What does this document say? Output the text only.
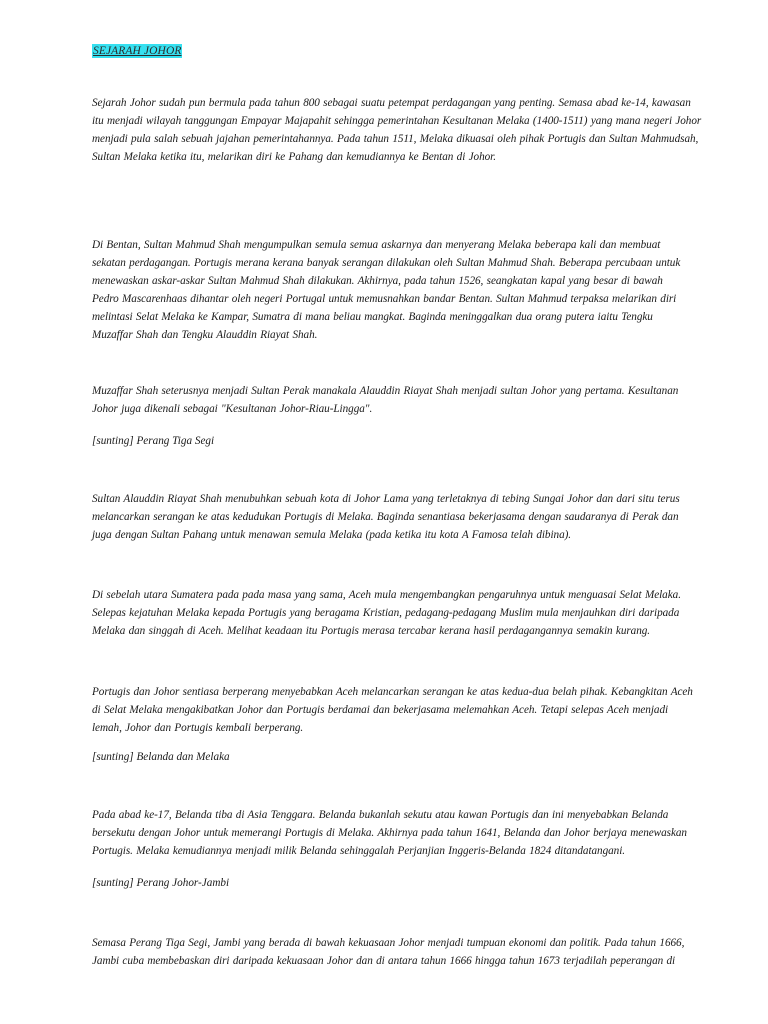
SEJARAH JOHOR

Sejarah Johor sudah pun bermula pada tahun 800 sebagai suatu petempat perdagangan yang penting. Semasa abad ke-14, kawasan
itu menjadi wilayah tanggungan Empayar Majapahit sehingga pemerintahan Kesultanan Melaka (1400-1511) yang mana negeri Johor
menjadi pula salah sebuah jajahan pemerintahannya. Pada tahun 1511, Melaka dikuasai oleh pihak Portugis dan Sultan Mahmudsah,
Sultan Melaka ketika itu, melarikan diri ke Pahang dan kemudiannya ke Bentan di Johor.

Di Bentan, Sultan Mahmud Shah mengumpulkan semula semua askarnya dan menyerang Melaka beberapa kali dan membuat
sekatan perdagangan. Portugis merana kerana banyak serangan dilakukan oleh Sultan Mahmud Shah. Beberapa percubaan untuk
menewaskan askar-askar Sultan Mahmud Shah dilakukan. Akhirnya, pada tahun 1526, seangkatan kapal yang besar di bawah
Pedro Mascarenhaas dihantar oleh negeri Portugal untuk memusnahkan bandar Bentan. Sultan Mahmud terpaksa melarikan diri
melintasi Selat Melaka ke Kampar, Sumatra di mana beliau mangkat. Baginda meninggalkan dua orang putera iaitu Tengku
Muzaffar Shah dan Tengku Alauddin Riayat Shah.

Muzaffar Shah seterusnya menjadi Sultan Perak manakala Alauddin Riayat Shah menjadi sultan Johor yang pertama. Kesultanan
Johor juga dikenali sebagai "Kesultanan Johor-Riau-Lingga".

[sunting] Perang Tiga Segi

Sultan Alauddin Riayat Shah menubuhkan sebuah kota di Johor Lama yang terletaknya di tebing Sungai Johor dan dari situ terus
melancarkan serangan ke atas kedudukan Portugis di Melaka. Baginda senantiasa bekerjasama dengan saudaranya di Perak dan
juga dengan Sultan Pahang untuk menawan semula Melaka (pada ketika itu kota A Famosa telah dibina).

Di sebelah utara Sumatera pada pada masa yang sama, Aceh mula mengembangkan pengaruhnya untuk menguasai Selat Melaka.
Selepas kejatuhan Melaka kepada Portugis yang beragama Kristian, pedagang-pedagang Muslim mula menjauhkan diri daripada
Melaka dan singgah di Aceh. Melihat keadaan itu Portugis merasa tercabar kerana hasil perdagangannya semakin kurang.

Portugis dan Johor sentiasa berperang menyebabkan Aceh melancarkan serangan ke atas kedua-dua belah pihak. Kebangkitan Aceh
di Selat Melaka mengakibatkan Johor dan Portugis berdamai dan bekerjasama melemahkan Aceh. Tetapi selepas Aceh menjadi
lemah, Johor dan Portugis kembali berperang.

[sunting] Belanda dan Melaka

Pada abad ke-17, Belanda tiba di Asia Tenggara. Belanda bukanlah sekutu atau kawan Portugis dan ini menyebabkan Belanda
bersekutu dengan Johor untuk memerangi Portugis di Melaka. Akhirnya pada tahun 1641, Belanda dan Johor berjaya menewaskan
Portugis. Melaka kemudiannya menjadi milik Belanda sehinggalah Perjanjian Inggeris-Belanda 1824 ditandatangani.

[sunting] Perang Johor-Jambi

Semasa Perang Tiga Segi, Jambi yang berada di bawah kekuasaan Johor menjadi tumpuan ekonomi dan politik. Pada tahun 1666,
Jambi cuba membebaskan diri daripada kekuasaan Johor dan di antara tahun 1666 hingga tahun 1673 terjadilah peperangan di
